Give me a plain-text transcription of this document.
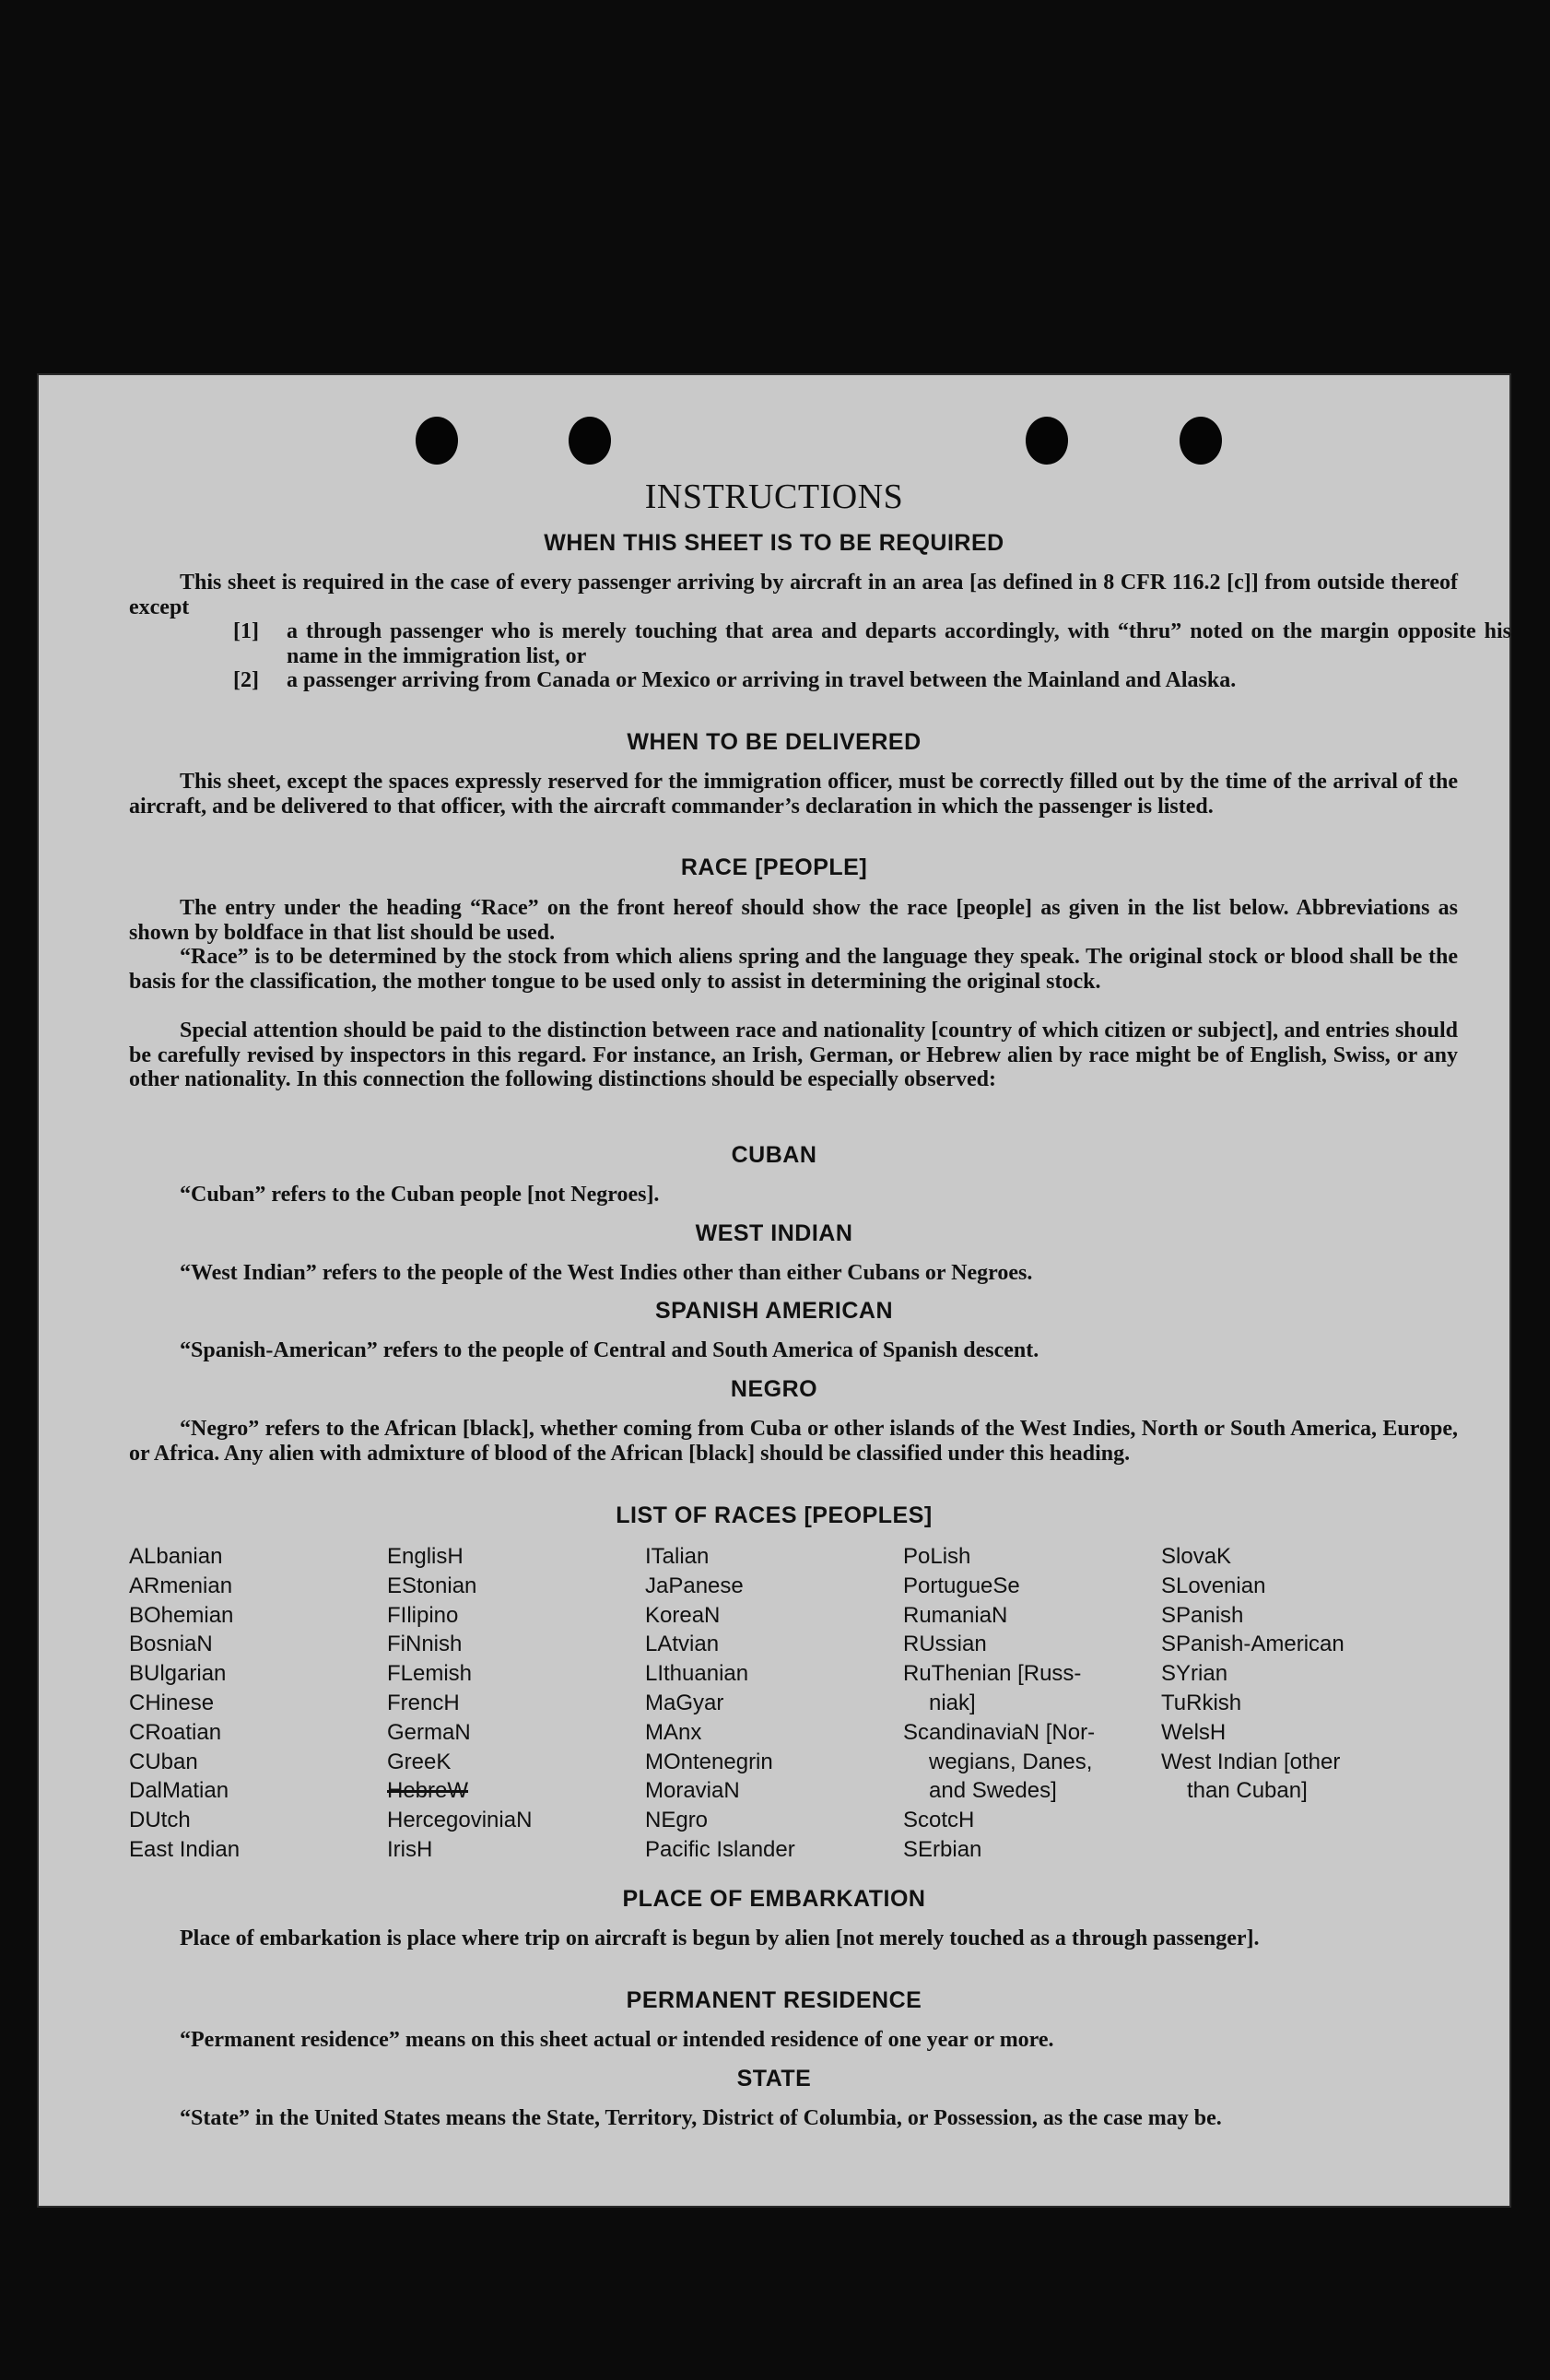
INSTRUCTIONS
WHEN THIS SHEET IS TO BE REQUIRED
This sheet is required in the case of every passenger arriving by aircraft in an area [as defined in 8 CFR 116.2 [c]] from outside thereof except
[1] a through passenger who is merely touching that area and departs accordingly, with “thru” noted on the margin opposite his name in the immigration list, or
[2] a passenger arriving from Canada or Mexico or arriving in travel between the Mainland and Alaska.
WHEN TO BE DELIVERED
This sheet, except the spaces expressly reserved for the immigration officer, must be correctly filled out by the time of the arrival of the aircraft, and be delivered to that officer, with the aircraft commander’s declaration in which the passenger is listed.
RACE [PEOPLE]
The entry under the heading “Race” on the front hereof should show the race [people] as given in the list below. Abbreviations as shown by boldface in that list should be used.
“Race” is to be determined by the stock from which aliens spring and the language they speak. The original stock or blood shall be the basis for the classification, the mother tongue to be used only to assist in determining the original stock.
Special attention should be paid to the distinction between race and nationality [country of which citizen or subject], and entries should be carefully revised by inspectors in this regard. For instance, an Irish, German, or Hebrew alien by race might be of English, Swiss, or any other nationality. In this connection the following distinctions should be especially observed:
CUBAN
“Cuban” refers to the Cuban people [not Negroes].
WEST INDIAN
“West Indian” refers to the people of the West Indies other than either Cubans or Negroes.
SPANISH AMERICAN
“Spanish-American” refers to the people of Central and South America of Spanish descent.
NEGRO
“Negro” refers to the African [black], whether coming from Cuba or other islands of the West Indies, North or South America, Europe, or Africa. Any alien with admixture of blood of the African [black] should be classified under this heading.
LIST OF RACES [PEOPLES]
ALbanian
ARmenian
BOhemian
BosniaN
BUlgarian
CHinese
CRoatian
CUban
DalMatian
DUtch
East Indian
EnglisH
EStonian
FIlipino
FiNnish
FLemish
FrencH
GermaN
GreeK
HebreW
HercegoviniaN
IrisH
ITalian
JaPanese
KoreaN
LAtvian
LIthuanian
MaGyar
MAnx
MOntenegrin
MoraviaN
NEgro
Pacific Islander
PoLish
PortugueSe
RumaniaN
RUssian
RuThenian [Russ-
niak]
ScandinaviaN [Nor-
wegians, Danes,
and Swedes]
ScotcH
SErbian
SlovaK
SLovenian
SPanish
SPanish-American
SYrian
TuRkish
WelsH
West Indian [other
than Cuban]
PLACE OF EMBARKATION
Place of embarkation is place where trip on aircraft is begun by alien [not merely touched as a through passenger].
PERMANENT RESIDENCE
“Permanent residence” means on this sheet actual or intended residence of one year or more.
STATE
“State” in the United States means the State, Territory, District of Columbia, or Possession, as the case may be.
